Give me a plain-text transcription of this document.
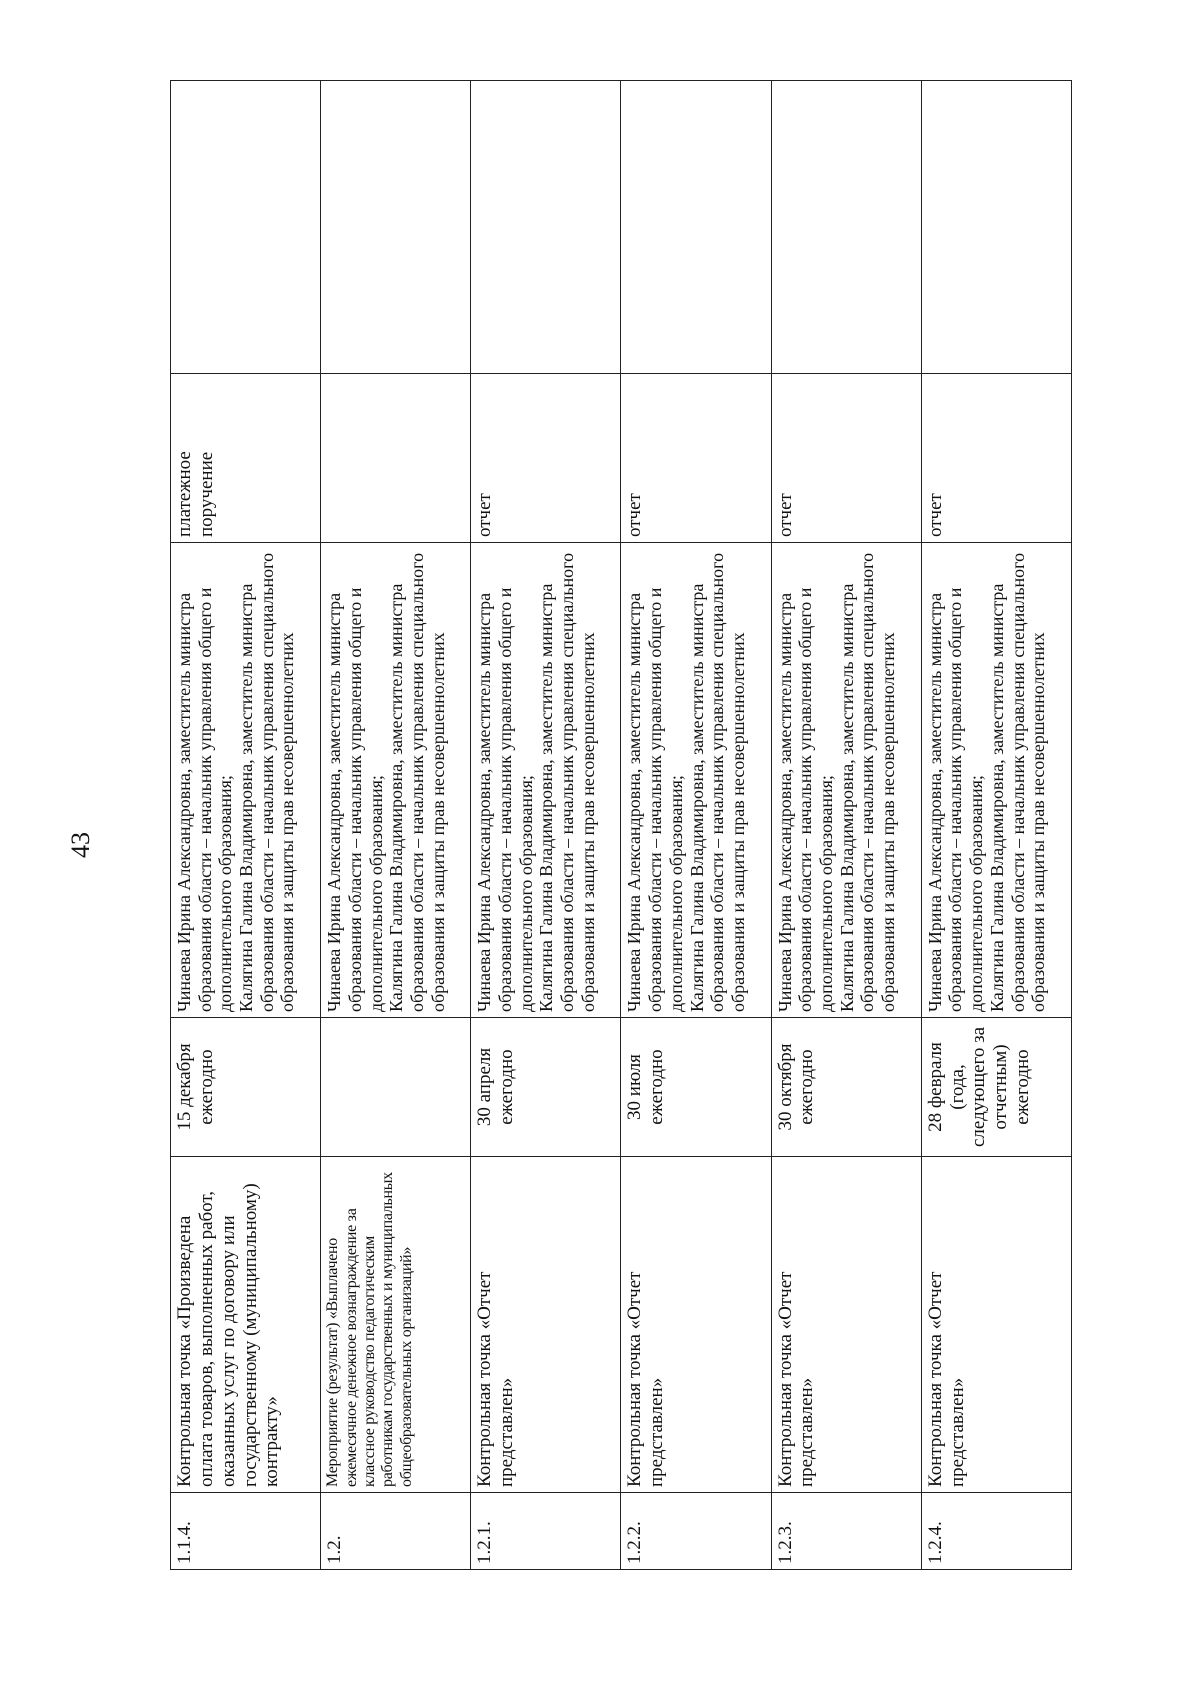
43
1.1.4.	Контрольная точка «Произведена оплата товаров, выполненных работ, оказанных услуг по договору или государственному (муниципальному) контракту»	15 декабря ежегодно	Чинаева Ирина Александровна, заместитель министра образования области – начальник управления общего и дополнительного образования; Калягина Галина Владимировна, заместитель министра образования области – начальник управления специального образования и защиты прав несовершеннолетних	платежное поручение	
1.2.	Мероприятие (результат) «Выплачено ежемесячное денежное вознаграждение за классное руководство педагогическим работникам государственных и муниципальных общеобразовательных организаций»		Чинаева Ирина Александровна, заместитель министра образования области – начальник управления общего и дополнительного образования; Калягина Галина Владимировна, заместитель министра образования области – начальник управления специального образования и защиты прав несовершеннолетних		

1.2.1.	Контрольная точка «Отчет представлен»	30 апреля ежегодно	Чинаева Ирина Александровна, заместитель министра образования области – начальник управления общего и дополнительного образования; Калягина Галина Владимировна, заместитель министра образования области – начальник управления специального образования и защиты прав несовершеннолетних	отчет	
1.2.2.	Контрольная точка «Отчет представлен»	30 июля ежегодно	Чинаева Ирина Александровна, заместитель министра образования области – начальник управления общего и дополнительного образования; Калягина Галина Владимировна, заместитель министра образования области – начальник управления специального образования и защиты прав несовершеннолетних	отчет	
1.2.3.	Контрольная точка «Отчет представлен»	30 октября ежегодно	Чинаева Ирина Александровна, заместитель министра образования области – начальник управления общего и дополнительного образования; Калягина Галина Владимировна, заместитель министра образования области – начальник управления специального образования и защиты прав несовершеннолетних	отчет	
1.2.4.	Контрольная точка «Отчет представлен»	28 февраля (года, следующего за отчетным) ежегодно	Чинаева Ирина Александровна, заместитель министра образования области – начальник управления общего и дополнительного образования; Калягина Галина Владимировна, заместитель министра образования области – начальник управления специального образования и защиты прав несовершеннолетних	отчет	
